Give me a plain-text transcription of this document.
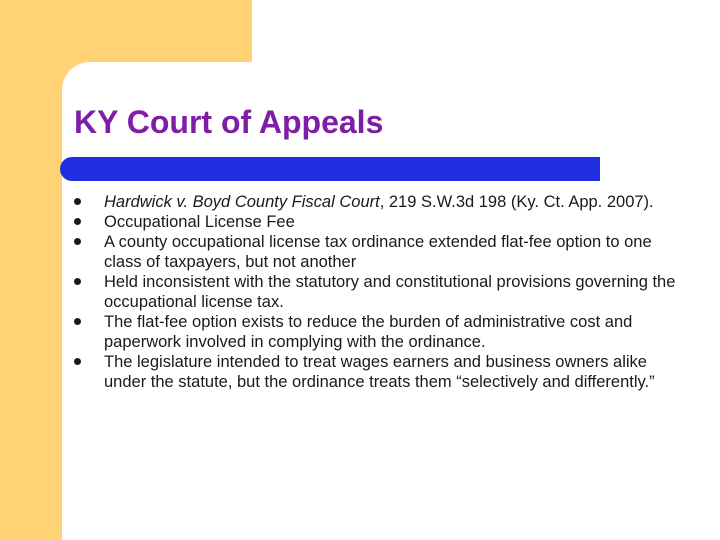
KY Court of Appeals
Hardwick v. Boyd County Fiscal Court, 219 S.W.3d 198 (Ky. Ct. App. 2007).
Occupational License Fee
A county occupational license tax ordinance extended flat-fee option to one class of taxpayers, but not another
Held inconsistent with the statutory and constitutional provisions governing the occupational license tax.
The flat-fee option exists to reduce the burden of administrative cost and paperwork involved in complying with the ordinance.
The legislature intended to treat wages earners and business owners alike under the statute, but the ordinance treats them “selectively and differently.”
